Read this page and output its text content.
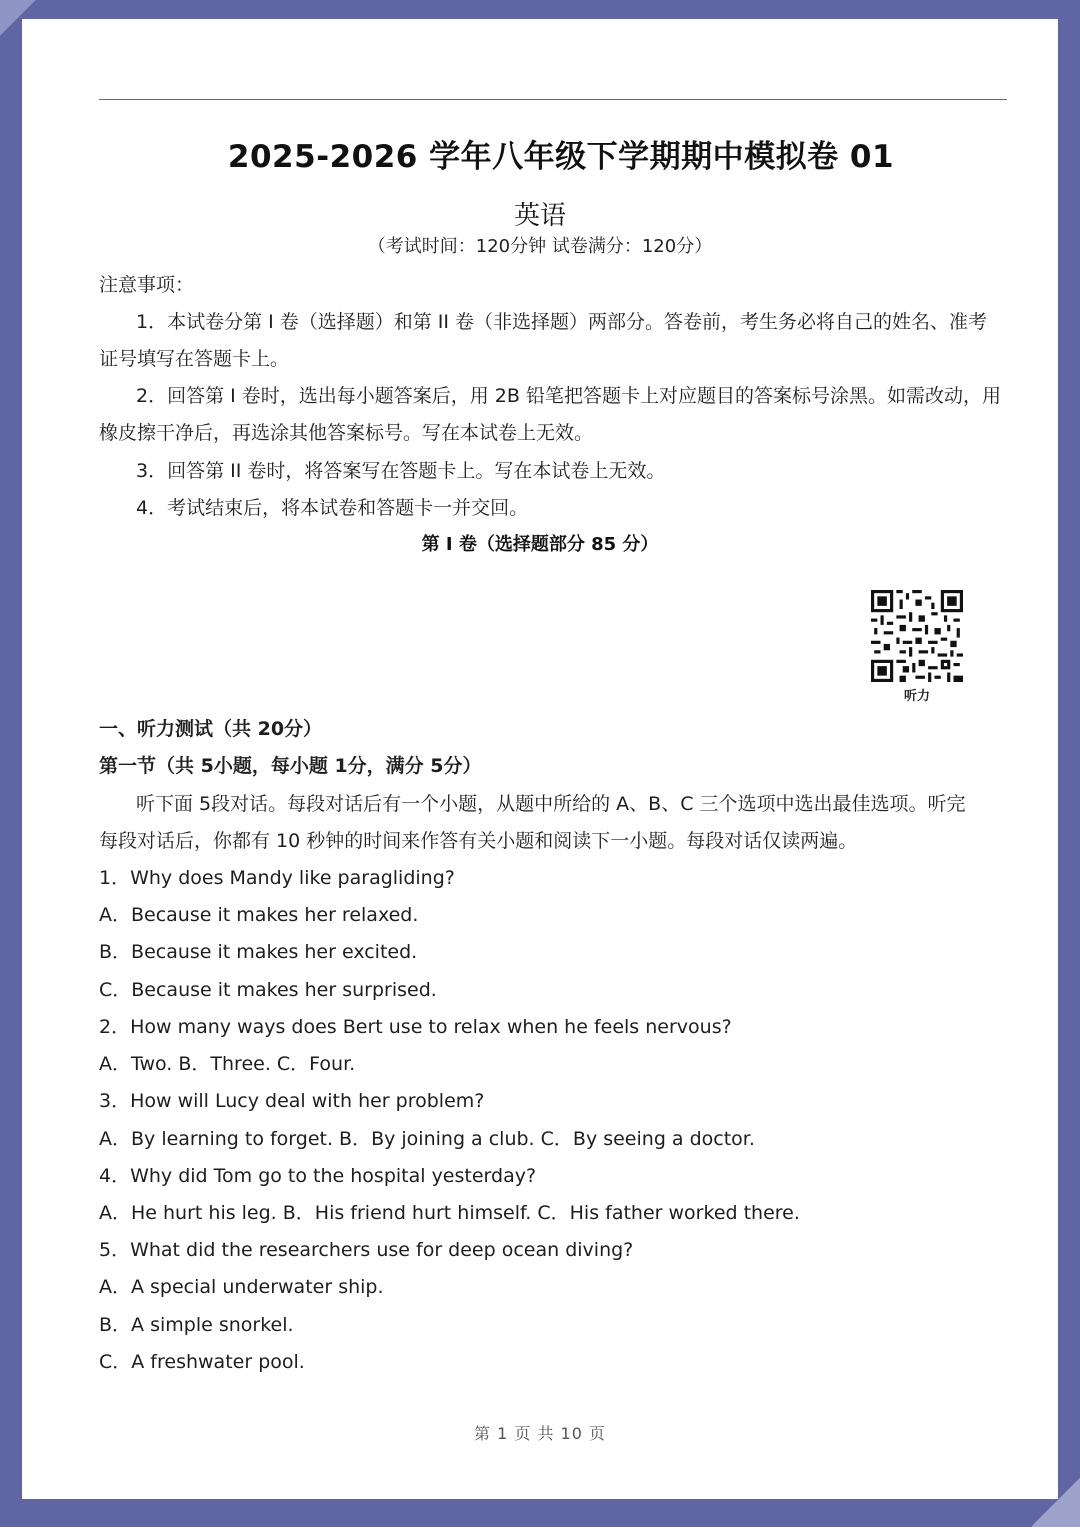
2025-2026 学年八年级下学期期中模拟卷 01
英语
（考试时间：120分钟 试卷满分：120分）
注意事项：
1．本试卷分第 I 卷（选择题）和第 II 卷（非选择题）两部分。答卷前，考生务必将自己的姓名、准考
证号填写在答题卡上。
2．回答第 I 卷时，选出每小题答案后，用 2B 铅笔把答题卡上对应题目的答案标号涂黑。如需改动，用
橡皮擦干净后，再选涂其他答案标号。写在本试卷上无效。
3．回答第 II 卷时，将答案写在答题卡上。写在本试卷上无效。
4．考试结束后，将本试卷和答题卡一并交回。
第 I 卷（选择题部分 85 分）
听力
一、听力测试（共 20分）
第一节（共 5小题，每小题 1分，满分 5分）
听下面 5段对话。每段对话后有一个小题，从题中所给的 A、B、C 三个选项中选出最佳选项。听完
每段对话后，你都有 10 秒钟的时间来作答有关小题和阅读下一小题。每段对话仅读两遍。
1．Why does Mandy like paragliding?
A．Because it makes her relaxed.
B．Because it makes her excited.
C．Because it makes her surprised.
2．How many ways does Bert use to relax when he feels nervous?
A．Two. B．Three. C．Four.
3．How will Lucy deal with her problem?
A．By learning to forget. B．By joining a club. C．By seeing a doctor.
4．Why did Tom go to the hospital yesterday?
A．He hurt his leg. B．His friend hurt himself. C．His father worked there.
5．What did the researchers use for deep ocean diving?
A．A special underwater ship.
B．A simple snorkel.
C．A freshwater pool.
第 1 页 共 10 页
